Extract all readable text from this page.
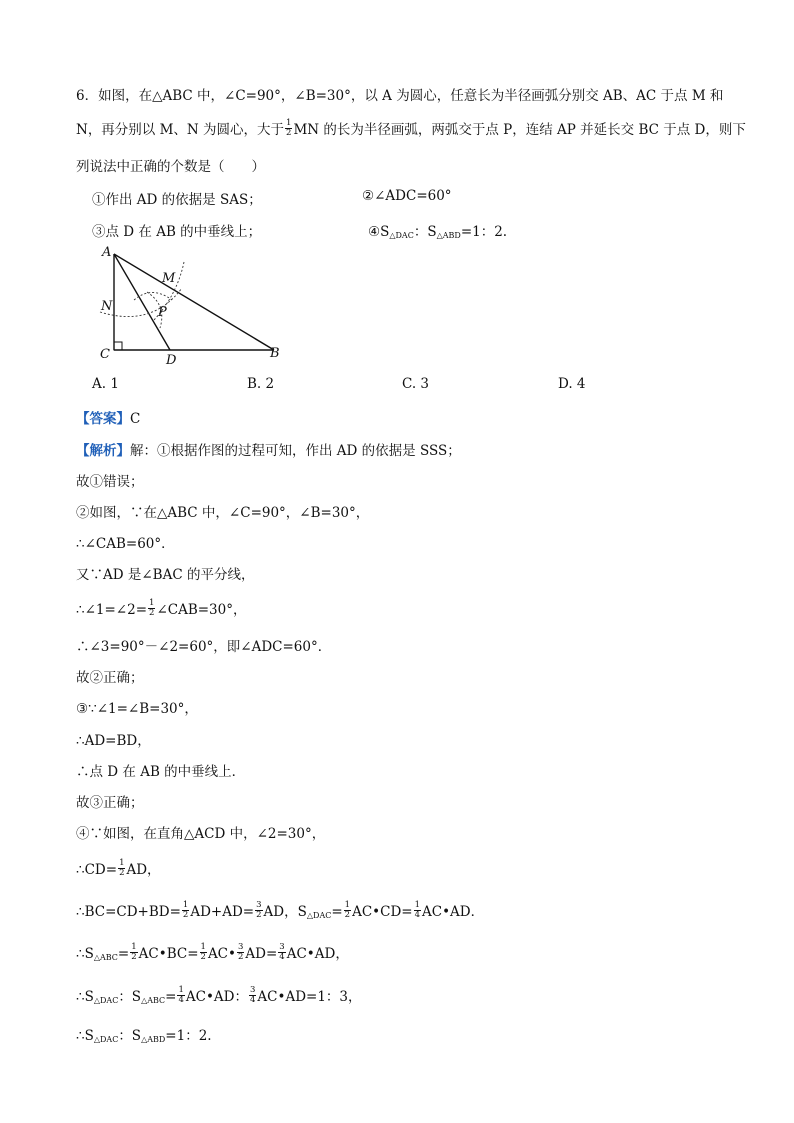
6．如图，在△ABC 中，∠C=90°，∠B=30°，以 A 为圆心，任意长为半径画弧分别交 AB、AC 于点 M 和
N，再分别以 M、N 为圆心，大于 $\frac{1}{2}$ MN 的长为半径画弧，两弧交于点 P，连结 AP 并延长交 BC 于点 D，则下
列说法中正确的个数是（　　）
①作出 AD 的依据是 SAS；	②∠ADC=60°
③点 D 在 AB 的中垂线上；	$④S_{\triangle DAC}$：$S_{\triangle ABD}=1$：2.
A
M
N	P
C	D	B
A. 1	B. 2	C. 3	D. 4
【答案】C
【解析】解：①根据作图的过程可知，作出 AD 的依据是 SSS；
故①错误；
②如图，∵在△ABC 中，∠C=90°，∠B=30°，
∴∠CAB=60°．
又∵AD 是∠BAC 的平分线，
∴∠1=∠2= $\frac{1}{2}$ ∠CAB=30°，
∴∠3=90°－∠2=60°，即∠ADC=60°．
故②正确；
③∵∠1=∠B=30°，
∴AD=BD，
∴点 D 在 AB 的中垂线上．
故③正确；
④∵如图，在直角△ACD 中，∠2=30°，
∴CD= $\frac{1}{2}$ AD，
∴BC=CD+BD= $\frac{1}{2} AD+AD= \frac{3}{2}$ AD，$S_{\triangle DAC}= \frac{1}{2}$ AC•CD= $\frac{1}{4}$ AC•AD．
$\therefore S_{\triangle ABC}= \frac{1}{2}$ AC•BC= $\frac{1}{2}$ AC• $\frac{3}{2} AD= \frac{3}{4}$ AC•AD，
$\therefore S_{\triangle DAC}$：$S_{\triangle ABC}= \frac{1}{4}$ AC•AD： $\frac{3}{4}$ AC•AD=1：3，
$\therefore S_{\triangle DAC}$：$S_{\triangle ABD}=1$：2.
